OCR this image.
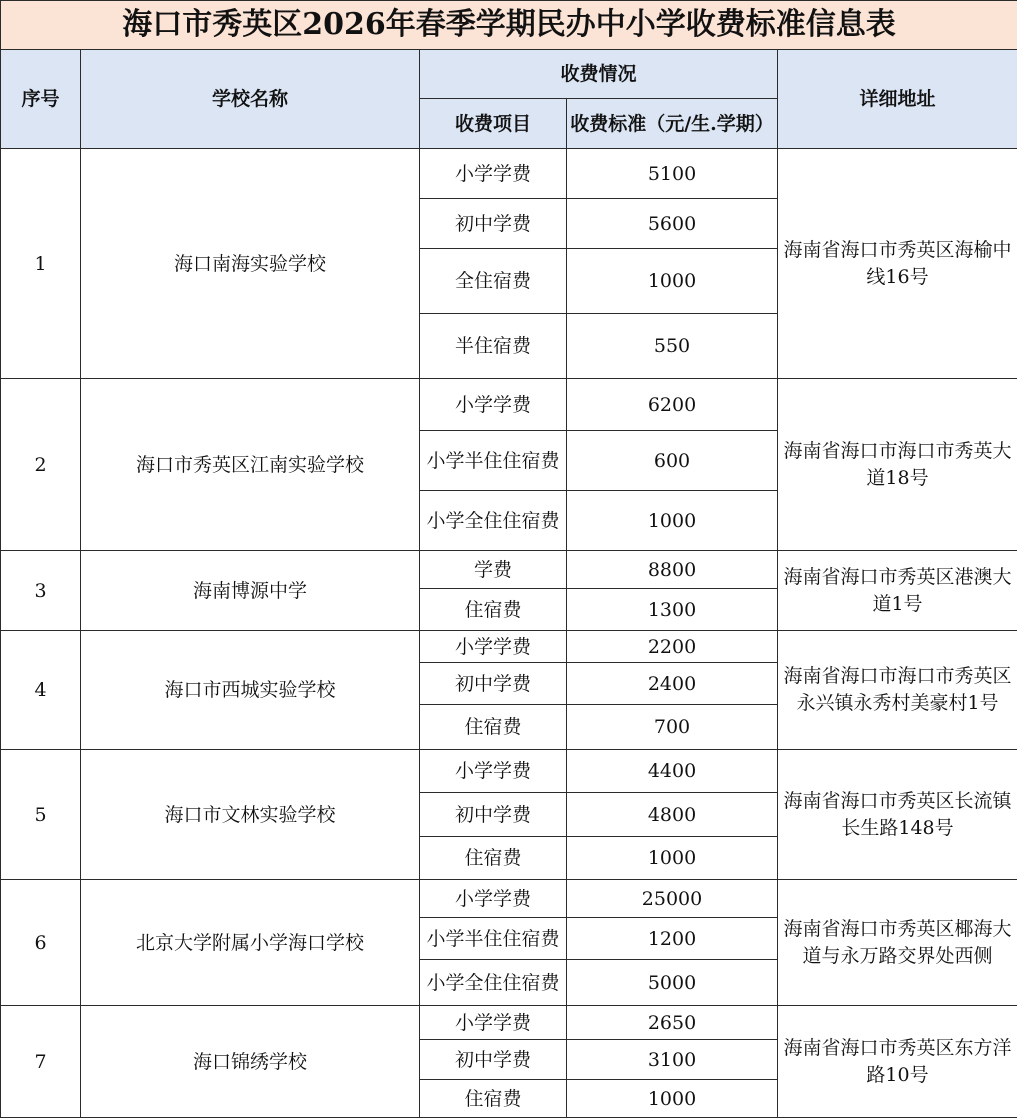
海口市秀英区2026年春季学期民办中小学收费标准信息表				
序号	学校名称	收费情况		详细地址
		收费项目	收费标准（元/生.学期）	
1	海口南海实验学校	小学学费	5100	海南省海口市秀英区海榆中线16号
		初中学费	5600	
		全住宿费	1000	
		半住宿费	550	
2	海口市秀英区江南实验学校	小学学费	6200	海南省海口市海口市秀英大道18号
		小学半住住宿费	600	
		小学全住住宿费	1000	
3	海南博源中学	学费	8800	海南省海口市秀英区港澳大道1号
		住宿费	1300	
4	海口市西城实验学校	小学学费	2200	海南省海口市海口市秀英区永兴镇永秀村美豪村1号
		初中学费	2400	
		住宿费	700	
5	海口市文林实验学校	小学学费	4400	海南省海口市秀英区长流镇长生路148号
		初中学费	4800	
		住宿费	1000	
6	北京大学附属小学海口学校	小学学费	25000	海南省海口市秀英区椰海大道与永万路交界处西侧
		小学半住住宿费	1200	
		小学全住住宿费	5000	
7	海口锦绣学校	小学学费	2650	海南省海口市秀英区东方洋路10号
		初中学费	3100	
		住宿费	1000	
